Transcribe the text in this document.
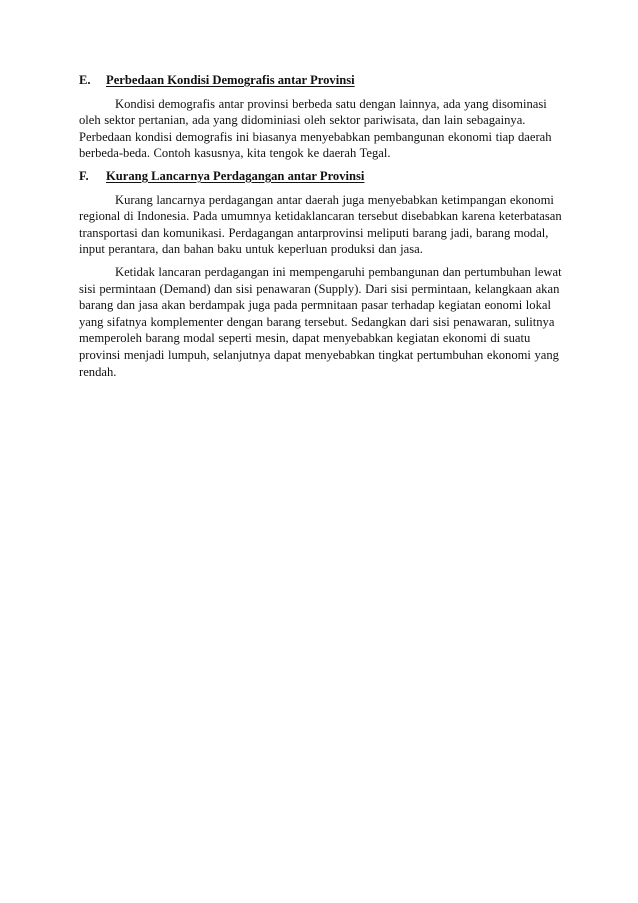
E.	Perbedaan Kondisi Demografis antar Provinsi

Kondisi demografis antar provinsi berbeda satu dengan lainnya, ada yang disominasi oleh sektor pertanian, ada yang didominiasi oleh sektor pariwisata, dan lain sebagainya. Perbedaan kondisi demografis ini biasanya menyebabkan pembangunan ekonomi tiap daerah berbeda-beda. Contoh kasusnya, kita tengok ke daerah Tegal.

F.	Kurang Lancarnya Perdagangan antar Provinsi

Kurang lancarnya perdagangan antar daerah juga menyebabkan ketimpangan ekonomi regional di Indonesia. Pada umumnya ketidaklancaran tersebut disebabkan karena keterbatasan transportasi dan komunikasi. Perdagangan antarprovinsi meliputi barang jadi, barang modal, input perantara, dan bahan baku untuk keperluan produksi dan jasa.

Ketidak lancaran perdagangan ini mempengaruhi pembangunan dan pertumbuhan lewat sisi permintaan (Demand) dan sisi penawaran (Supply). Dari sisi permintaan, kelangkaan akan barang dan jasa akan berdampak juga pada permnitaan pasar terhadap kegiatan eonomi lokal yang sifatnya komplementer dengan barang tersebut. Sedangkan dari sisi penawaran, sulitnya memperoleh barang modal seperti mesin, dapat menyebabkan kegiatan ekonomi di suatu provinsi menjadi lumpuh, selanjutnya dapat menyebabkan tingkat pertumbuhan ekonomi yang rendah.
